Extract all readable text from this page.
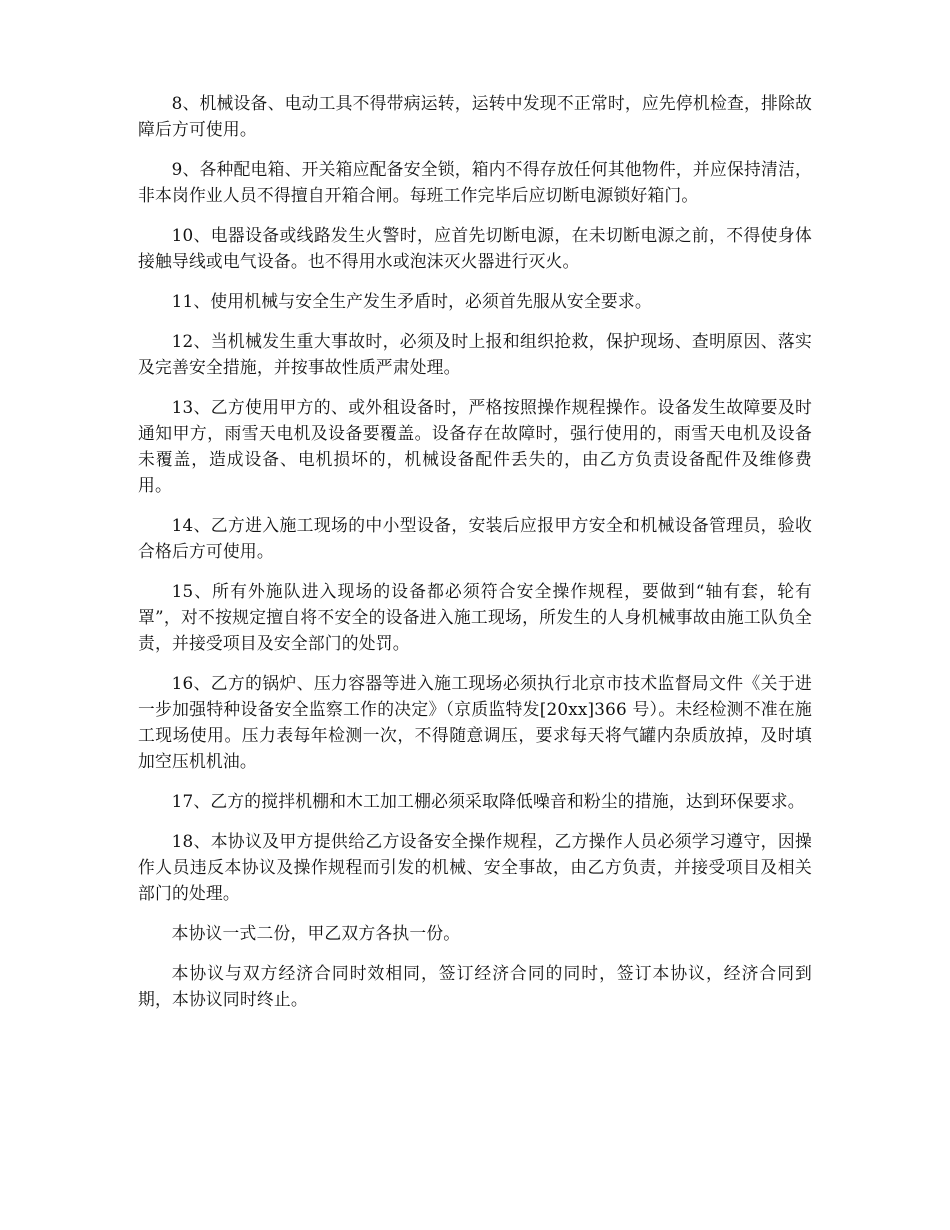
8、机械设备、电动工具不得带病运转，运转中发现不正常时，应先停机检查，排除故障后方可使用。

9、各种配电箱、开关箱应配备安全锁，箱内不得存放任何其他物件，并应保持清洁，非本岗作业人员不得擅自开箱合闸。每班工作完毕后应切断电源锁好箱门。

10、电器设备或线路发生火警时，应首先切断电源，在未切断电源之前，不得使身体接触导线或电气设备。也不得用水或泡沫灭火器进行灭火。

11、使用机械与安全生产发生矛盾时，必须首先服从安全要求。

12、当机械发生重大事故时，必须及时上报和组织抢救，保护现场、查明原因、落实及完善安全措施，并按事故性质严肃处理。

13、乙方使用甲方的、或外租设备时，严格按照操作规程操作。设备发生故障要及时通知甲方，雨雪天电机及设备要覆盖。设备存在故障时，强行使用的，雨雪天电机及设备未覆盖，造成设备、电机损坏的，机械设备配件丢失的，由乙方负责设备配件及维修费用。

14、乙方进入施工现场的中小型设备，安装后应报甲方安全和机械设备管理员，验收合格后方可使用。

15、所有外施队进入现场的设备都必须符合安全操作规程，要做到“轴有套，轮有罩”，对不按规定擅自将不安全的设备进入施工现场，所发生的人身机械事故由施工队负全责，并接受项目及安全部门的处罚。

16、乙方的锅炉、压力容器等进入施工现场必须执行北京市技术监督局文件《关于进一步加强特种设备安全监察工作的决定》（京质监特发[20xx]366 号）。未经检测不准在施工现场使用。压力表每年检测一次，不得随意调压，要求每天将气罐内杂质放掉，及时填加空压机机油。

17、乙方的搅拌机棚和木工加工棚必须采取降低噪音和粉尘的措施，达到环保要求。

18、本协议及甲方提供给乙方设备安全操作规程，乙方操作人员必须学习遵守，因操作人员违反本协议及操作规程而引发的机械、安全事故，由乙方负责，并接受项目及相关部门的处理。

本协议一式二份，甲乙双方各执一份。

本协议与双方经济合同时效相同，签订经济合同的同时，签订本协议，经济合同到期，本协议同时终止。
